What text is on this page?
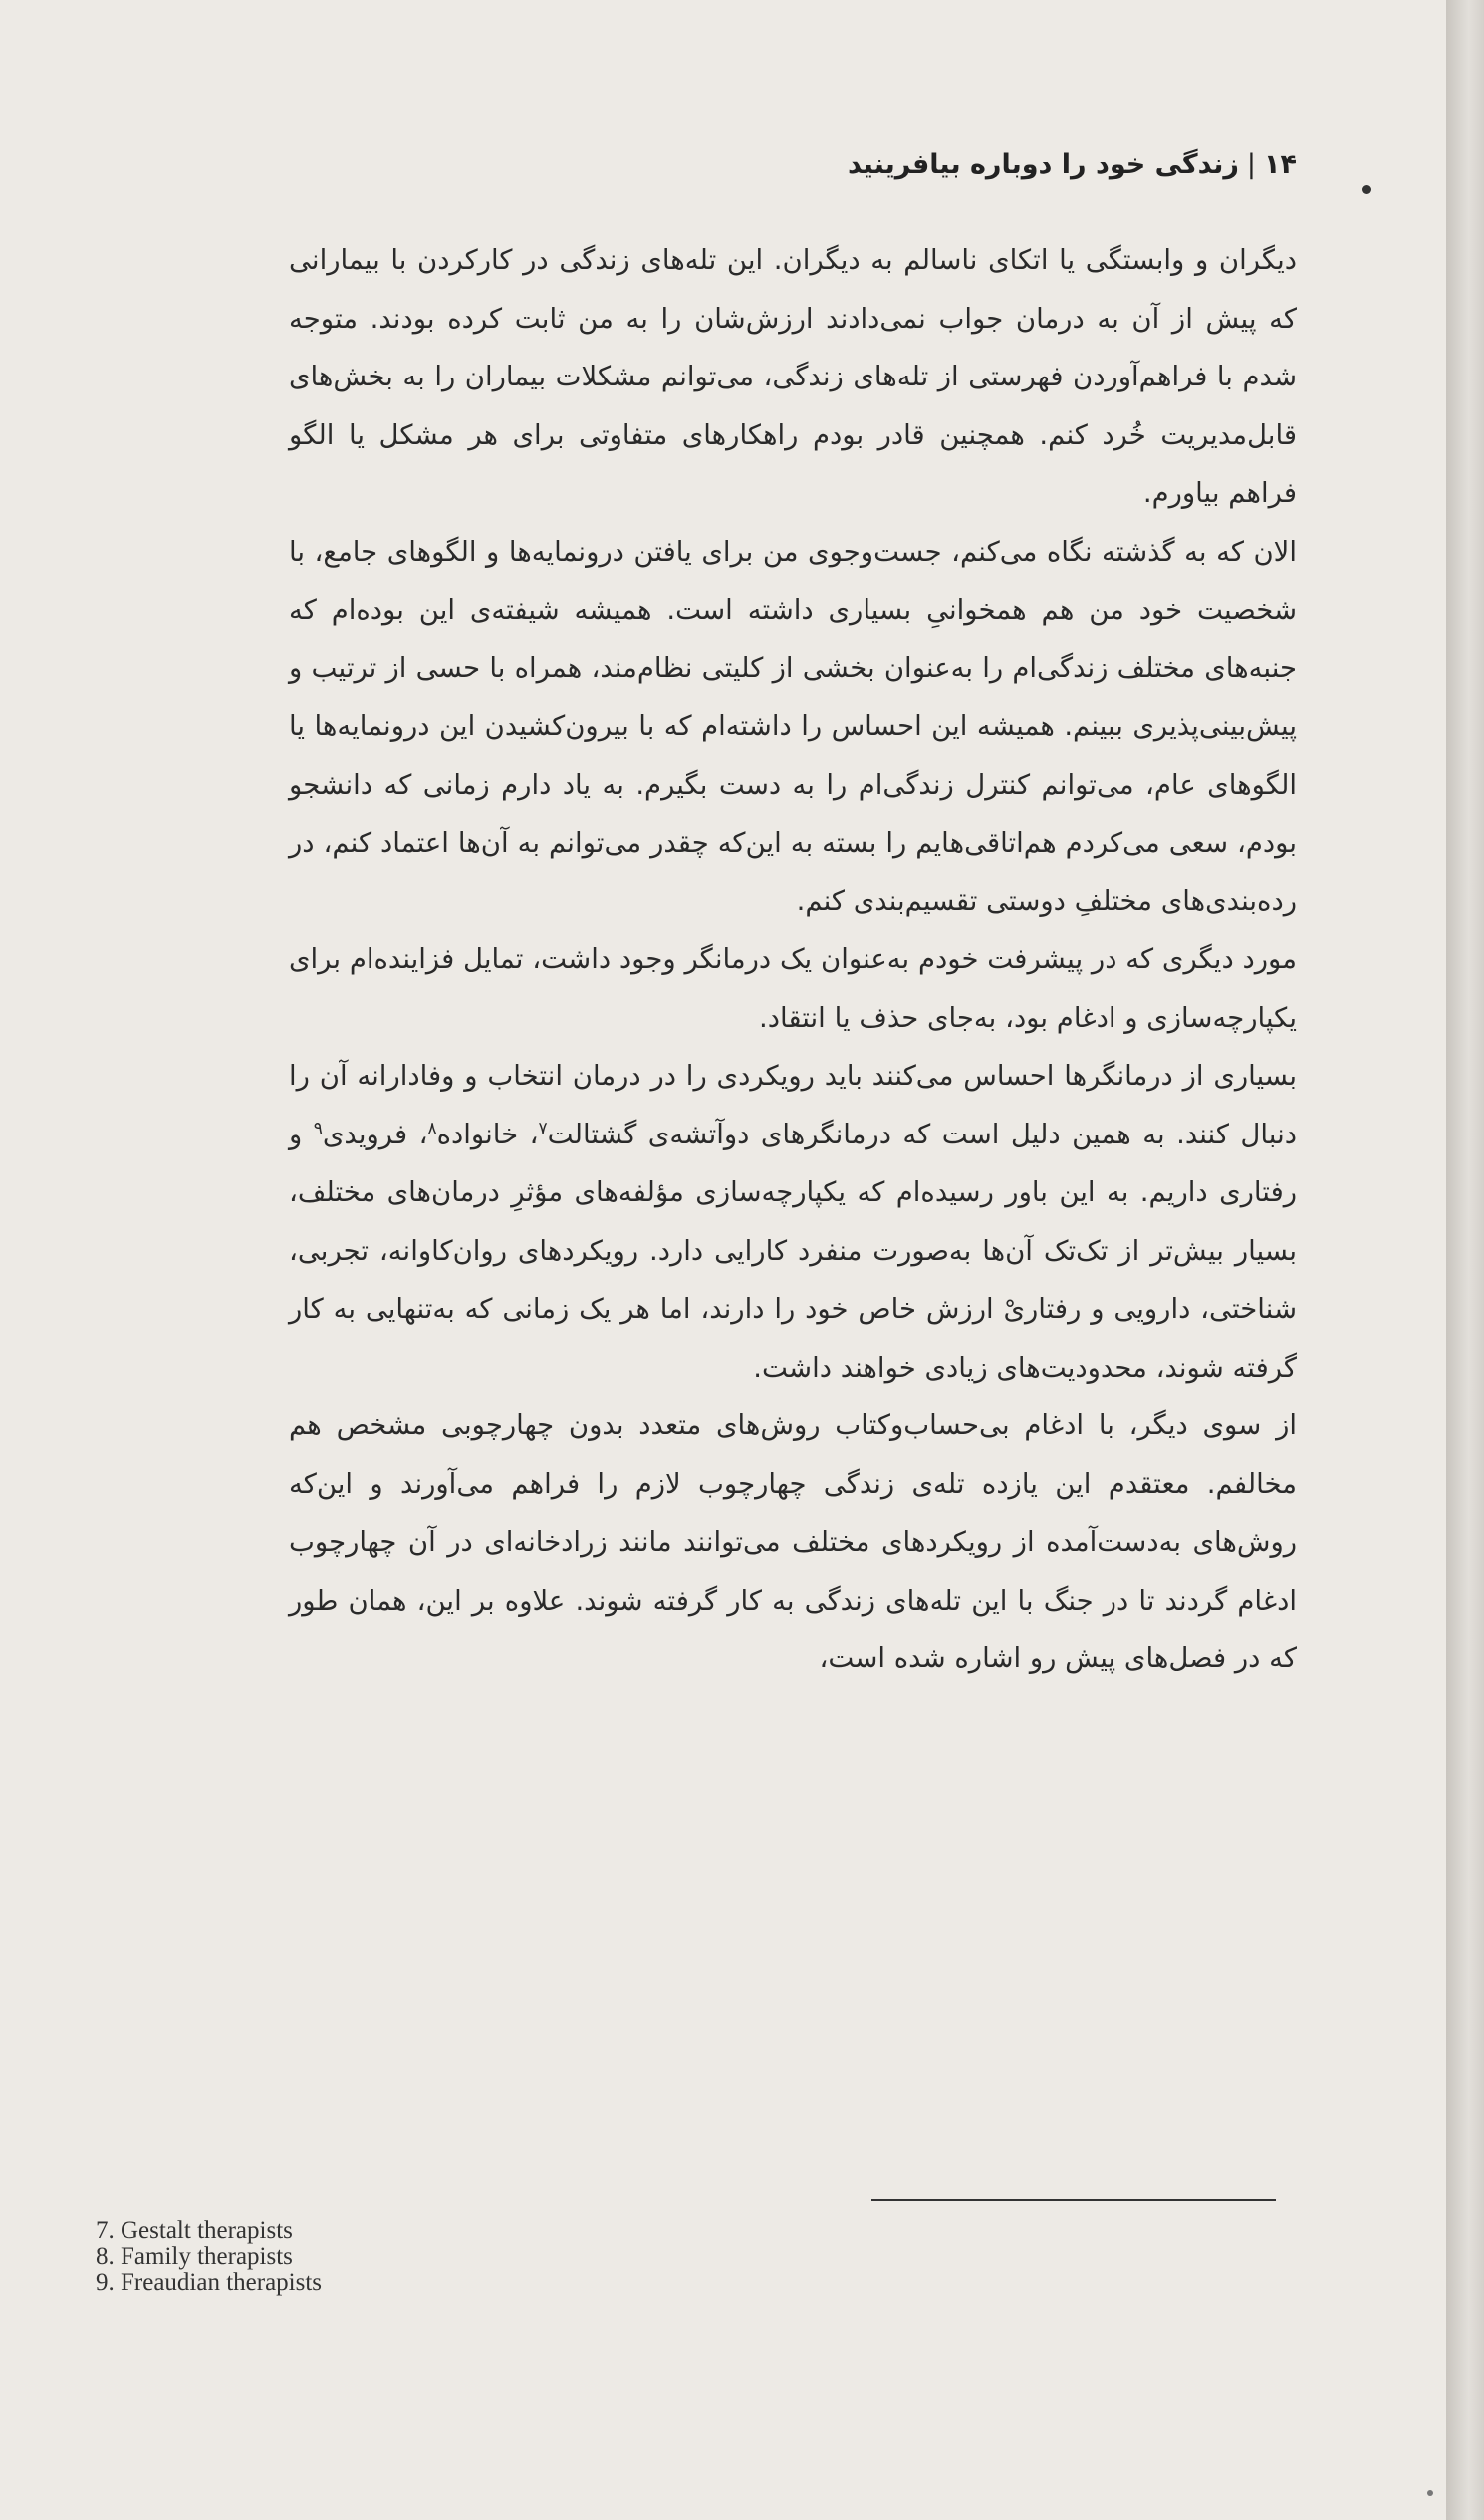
۱۴|زندگی خود را دوباره بیافرینید

دیگران و وابستگی یا اتکای ناسالم به دیگران. این تله‌های زندگی در کارکردن با بیمارانی که پیش از آن به درمان جواب نمی‌دادند ارزش‌شان را به من ثابت کرده بودند. متوجه شدم با فراهم‌آوردن فهرستی از تله‌های زندگی، می‌توانم مشکلات بیماران را به بخش‌های قابل‌مدیریت خُرد کنم. همچنین قادر بودم راهکارهای متفاوتی برای هر مشکل یا الگو فراهم بیاورم.

الان که به گذشته نگاه می‌کنم، جست‌وجوی من برای یافتن درونمایه‌ها و الگوهای جامع، با شخصیت خود من هم همخوانیِ بسیاری داشته است. همیشه شیفته‌ی این بوده‌ام که جنبه‌های مختلف زندگی‌ام را به‌عنوان بخشی از کلیتی نظام‌مند، همراه با حسی از ترتیب و پیش‌بینی‌پذیری ببینم. همیشه این احساس را داشته‌ام که با بیرون‌کشیدن این درونمایه‌ها یا الگوهای عام، می‌توانم کنترل زندگی‌ام را به دست بگیرم. به یاد دارم زمانی که دانشجو بودم، سعی می‌کردم هم‌اتاقی‌هایم را بسته به این‌که چقدر می‌توانم به آن‌ها اعتماد کنم، در رده‌بندی‌های مختلفِ دوستی تقسیم‌بندی کنم.

مورد دیگری که در پیشرفت خودم به‌عنوان یک درمانگر وجود داشت، تمایل فزاینده‌ام برای یکپارچه‌سازی و ادغام بود، به‌جای حذف یا انتقاد.

بسیاری از درمانگرها احساس می‌کنند باید رویکردی را در درمان انتخاب و وفادارانه آن را دنبال کنند. به همین دلیل است که درمانگرهای دوآتشه‌ی گشتالت$^۷$، خانواده$^۸$، فرویدی$^۹$ و رفتاری داریم. به این باور رسیده‌ام که یکپارچه‌سازی مؤلفه‌های مؤثرِ درمان‌های مختلف، بسیار بیش‌تر از تک‌تک آن‌ها به‌صورت منفرد کارایی دارد. رویکردهای روان‌کاوانه، تجربی، شناختی، دارویی و رفتاریْ ارزش خاص خود را دارند، اما هر یک زمانی که به‌تنهایی به کار گرفته شوند، محدودیت‌های زیادی خواهند داشت.

از سوی دیگر، با ادغام بی‌حساب‌وکتاب روش‌های متعدد بدون چهارچوبی مشخص هم مخالفم. معتقدم این یازده تله‌ی زندگی چهارچوب لازم را فراهم می‌آورند و این‌که روش‌های به‌دست‌آمده از رویکردهای مختلف می‌توانند مانند زرادخانه‌ای در آن چهارچوب ادغام گردند تا در جنگ با این تله‌های زندگی به کار گرفته شوند. علاوه بر این، همان طور که در فصل‌های پیش رو اشاره شده است،

7. Gestalt therapists
8. Family therapists
9. Freaudian therapists
